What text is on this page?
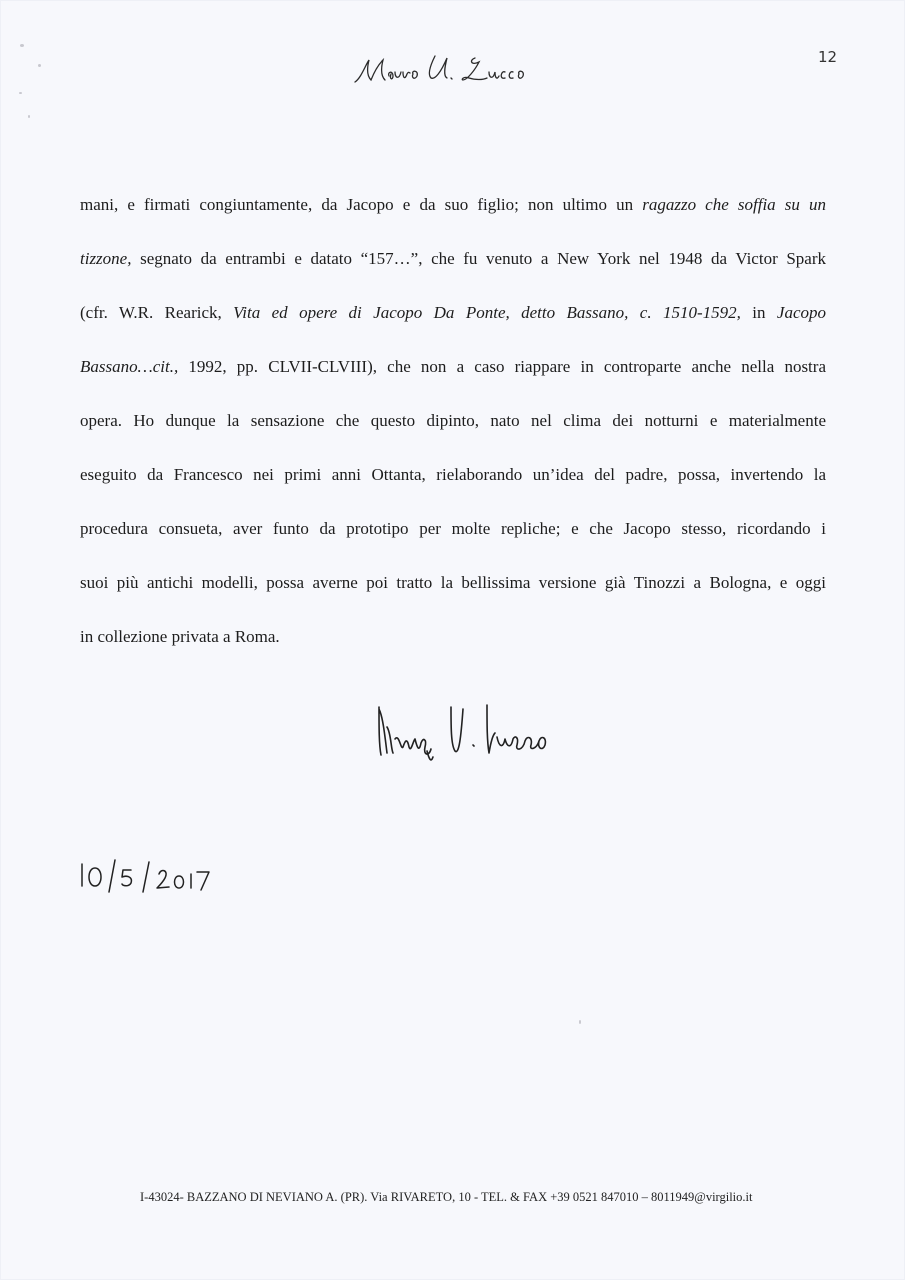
12
mani, e firmati congiuntamente, da Jacopo e da suo figlio; non ultimo un ragazzo che soffia su un
tizzone, segnato da entrambi e datato “157…”, che fu venuto a New York nel 1948 da Victor Spark
(cfr. W.R. Rearick, Vita ed opere di Jacopo Da Ponte, detto Bassano, c. 1510-1592, in Jacopo
Bassano…cit., 1992, pp. CLVII-CLVIII), che non a caso riappare in controparte anche nella nostra
opera. Ho dunque la sensazione che questo dipinto, nato nel clima dei notturni e materialmente
eseguito da Francesco nei primi anni Ottanta, rielaborando un’idea del padre, possa, invertendo la
procedura consueta, aver funto da prototipo per molte repliche; e che Jacopo stesso, ricordando i
suoi più antichi modelli, possa averne poi tratto la bellissima versione già Tinozzi a Bologna, e oggi
in collezione privata a Roma.
I-43024- BAZZANO DI NEVIANO A. (PR). Via RIVARETO, 10 - TEL. & FAX +39 0521 847010 – 8011949@virgilio.it
